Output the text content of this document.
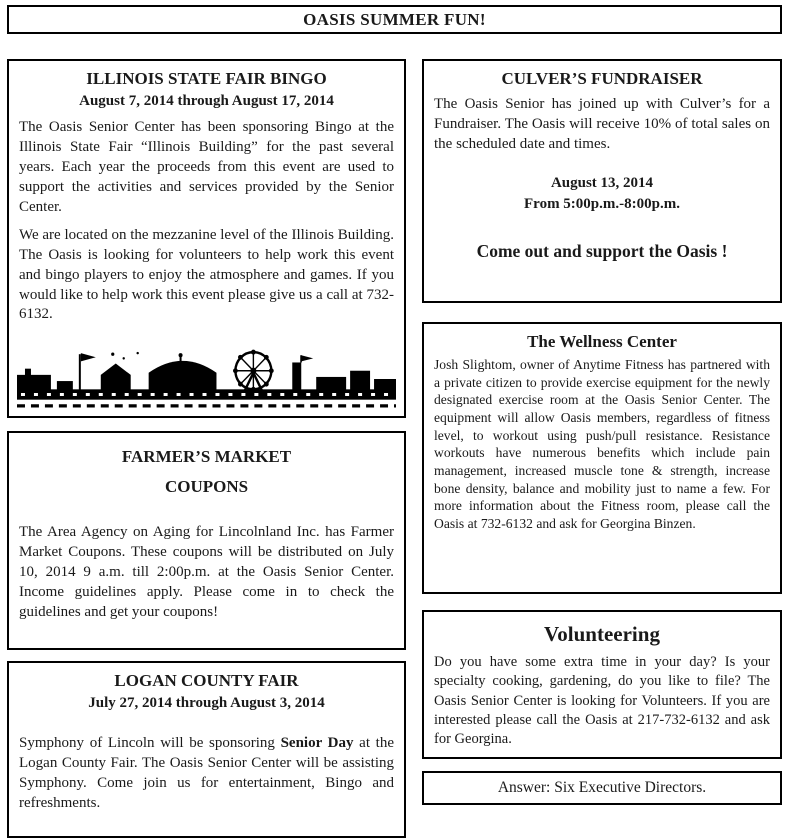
OASIS SUMMER FUN!
ILLINOIS STATE FAIR BINGO

August 7, 2014 through August 17, 2014

The Oasis Senior Center has been sponsoring Bingo at the Illinois State Fair “Illinois Building” for the past several years. Each year the proceeds from this event are used to support the activities and services provided by the Senior Center.

We are located on the mezzanine level of the Illinois Building. The Oasis is looking for volunteers to help work this event and bingo players to enjoy the atmosphere and games. If you would like to help work this event please give us a call at 732-6132.

FARMER’S MARKET
COUPONS

The Area Agency on Aging for Lincolnland Inc. has Farmer Market Coupons. These coupons will be distributed on July 10, 2014 9 a.m. till 2:00p.m. at the Oasis Senior Center. Income guidelines apply. Please come in to check the guidelines and get your coupons!

LOGAN COUNTY FAIR

July 27, 2014 through August 3, 2014

Symphony of Lincoln will be sponsoring Senior Day at the Logan County Fair. The Oasis Senior Center will be assisting Symphony. Come join us for entertainment, Bingo and refreshments.

CULVER’S FUNDRAISER

The Oasis Senior has joined up with Culver’s for a Fundraiser. The Oasis will receive 10% of total sales on the scheduled date and times.

August 13, 2014

From 5:00p.m.-8:00p.m.

Come out and support the Oasis !

The Wellness Center

Josh Slightom, owner of Anytime Fitness has partnered with a private citizen to provide exercise equipment for the newly designated exercise room at the Oasis Senior Center. The equipment will allow Oasis members, regardless of fitness level, to workout using push/pull resistance. Resistance workouts have numerous benefits which include pain management, increased muscle tone & strength, increase bone density, balance and mobility just to name a few. For more information about the Fitness room, please call the Oasis at 732-6132 and ask for Georgina Binzen.

Volunteering

Do you have some extra time in your day? Is your specialty cooking, gardening, do you like to file? The Oasis Senior Center is looking for Volunteers. If you are interested please call the Oasis at 217-732-6132 and ask for Georgina.

Answer: Six Executive Directors.
